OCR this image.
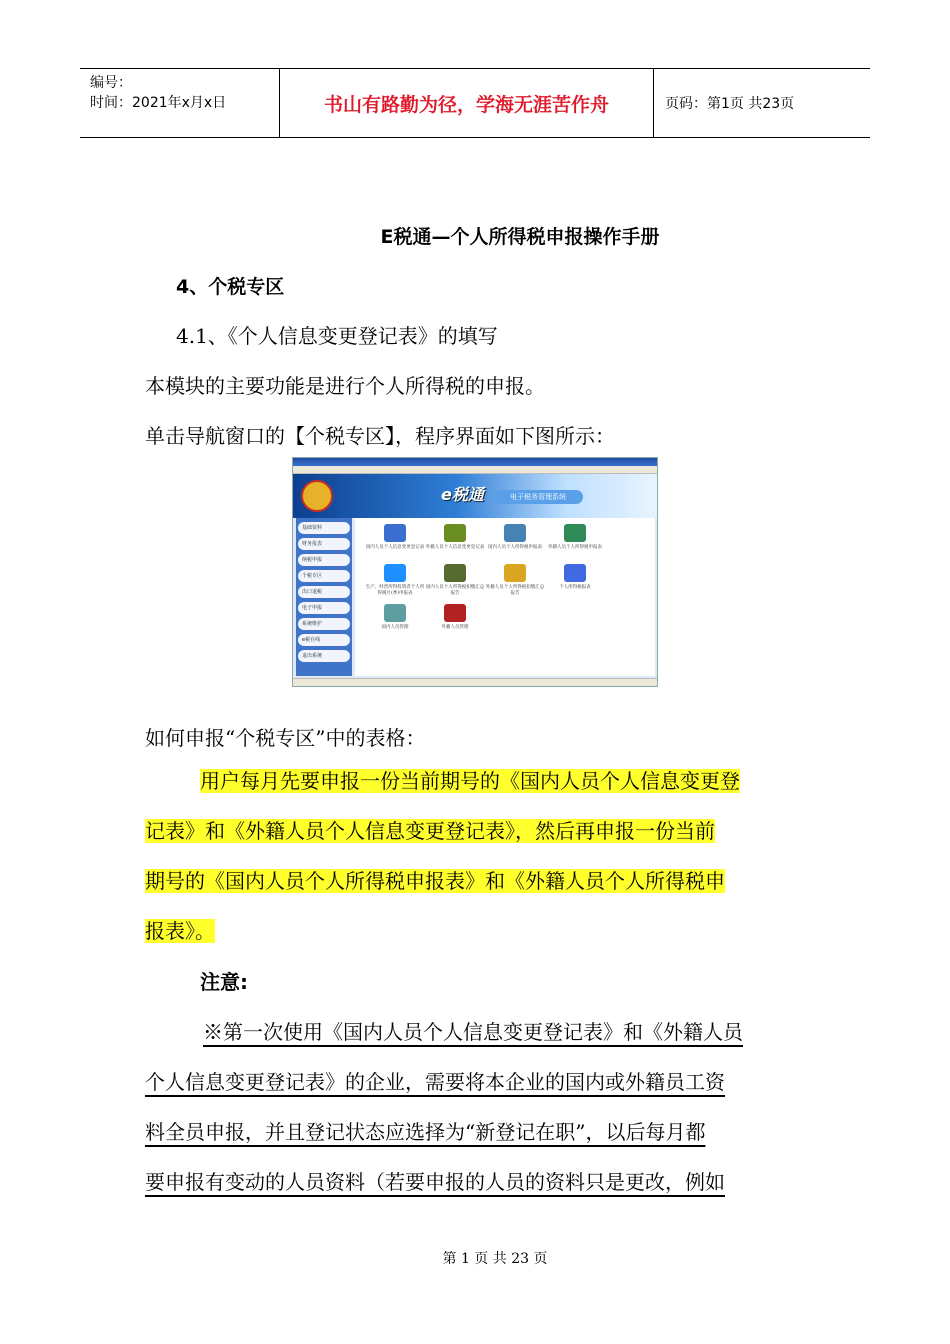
编号：
时间：2021年x月x日	书山有路勤为径，学海无涯苦作舟	页码：第1页 共23页
E税通—个人所得税申报操作手册
4、个税专区
4.1、《个人信息变更登记表》的填写
本模块的主要功能是进行个人所得税的申报。
单击导航窗口的【个税专区】，程序界面如下图所示：
e税通	电子税务管理系统
基础资料
财务报表
纳税申报
个税专区
出口退税
电子申报
系统维护
e税在线
退出系统
国内人员个人信息变更登记表 外籍人员个人信息变更登记表 国内人员个人所得税申报表	外籍人员个人所得税申报表
生产、经营所得投资者个人所得税月(季)申报表
国内人员个人所得税扣缴汇总报告
外籍人员个人所得税扣缴汇总报告
个人所得税报表
国内人员管理	外籍人员管理
如何申报“个税专区”中的表格：
用户每月先要申报一份当前期号的《国内人员个人信息变更登
记表》和《外籍人员个人信息变更登记表》，然后再申报一份当前
期号的《国内人员个人所得税申报表》和《外籍人员个人所得税申
报表》。
注意:
※第一次使用《国内人员个人信息变更登记表》和《外籍人员
个人信息变更登记表》的企业，需要将本企业的国内或外籍员工资
料全员申报，并且登记状态应选择为“新登记在职”，以后每月都
要申报有变动的人员资料（若要申报的人员的资料只是更改，例如
第 1 页 共 23 页
